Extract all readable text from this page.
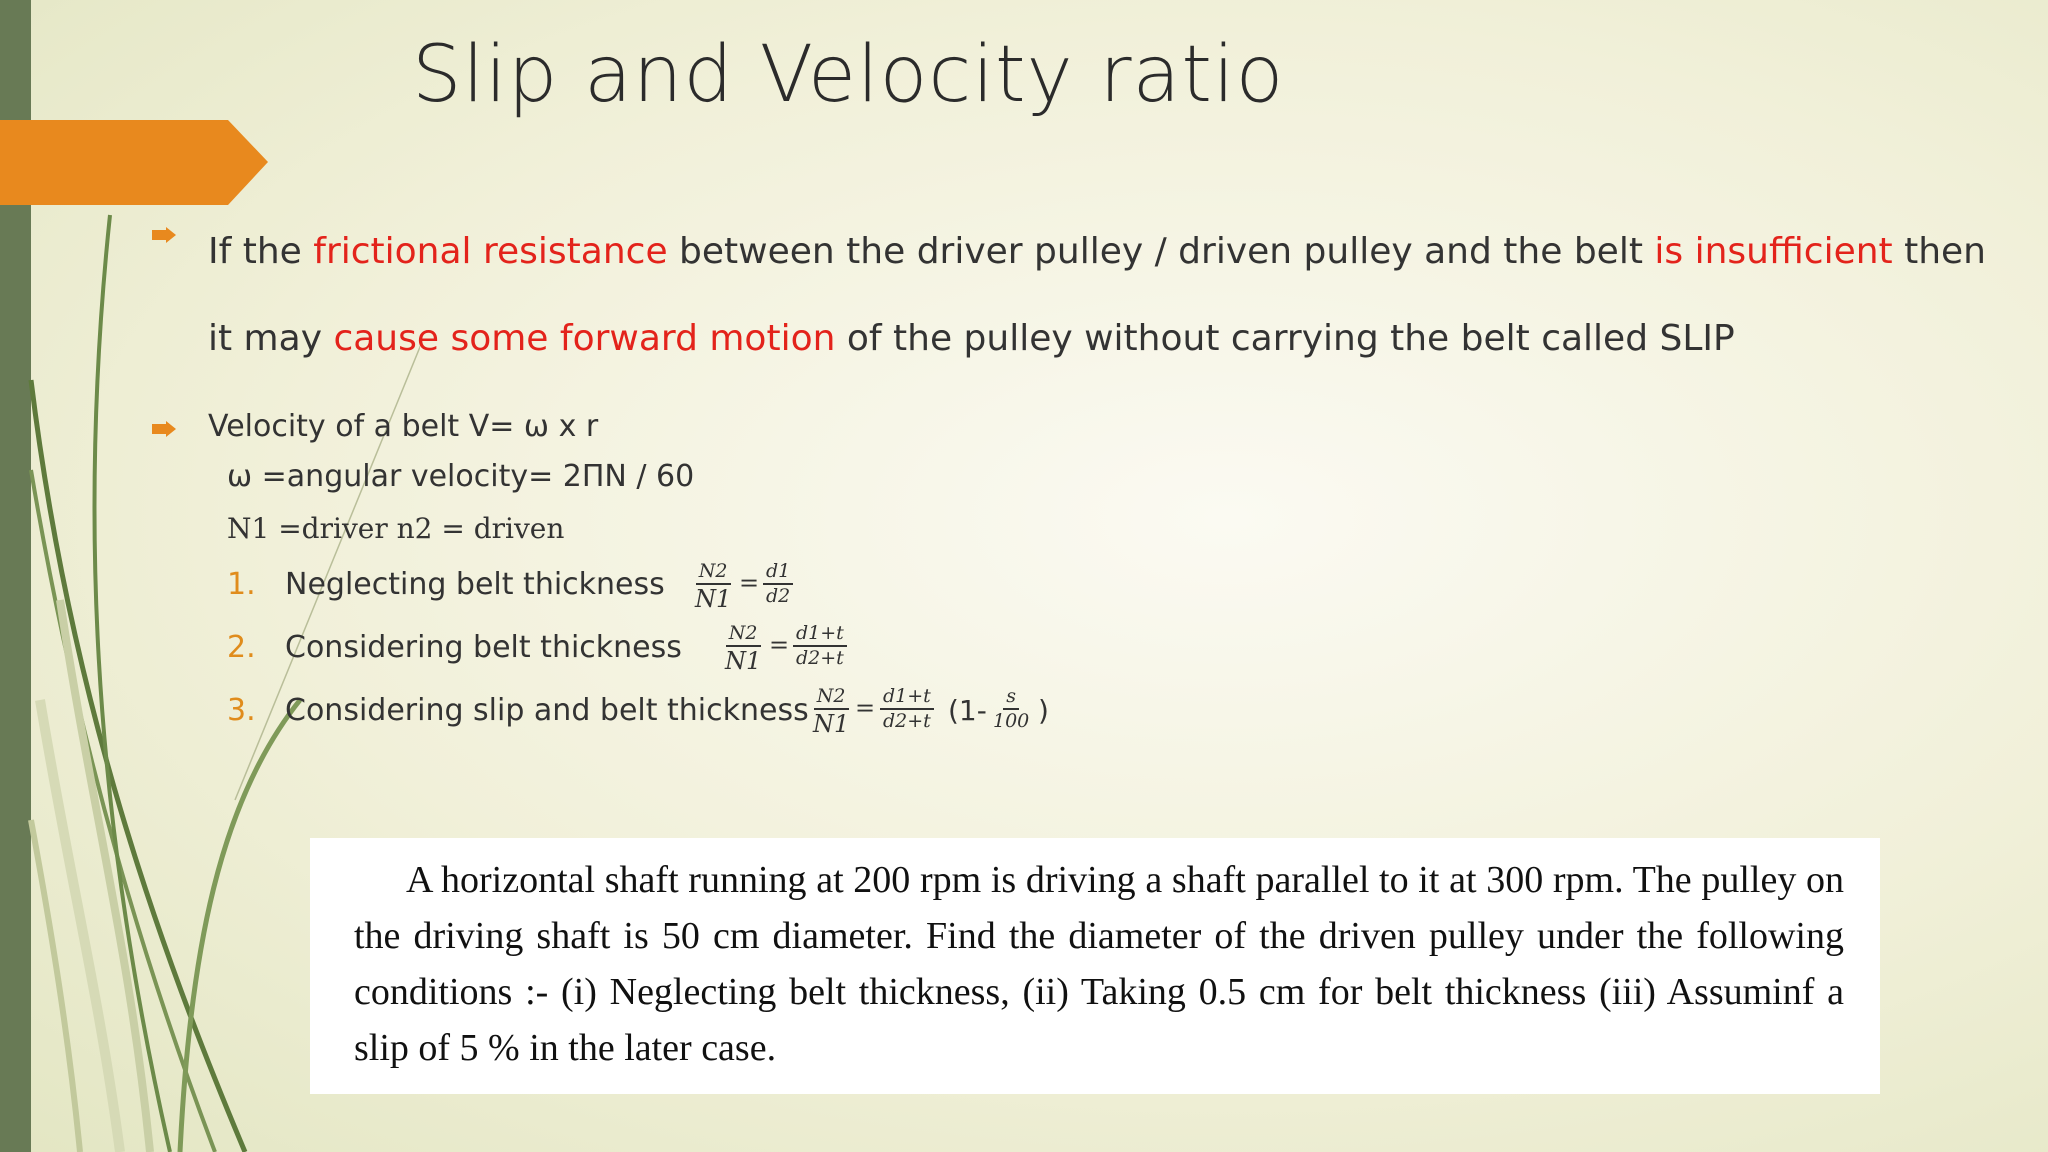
Slip and Velocity ratio
If the frictional resistance between the driver pulley / driven pulley and the belt is insufficient then it may cause some forward motion of the pulley without carrying the belt called SLIP
Velocity of a belt V= ω x r
ω =angular velocity= 2ПN / 60
N1 =driver n2 = driven
1. Neglecting belt thickness N2
N1
= $\frac{d1}{d2}$
2. Considering belt thickness N2
N1
= $\frac{d1+t}{d2+t}$
3. Considering slip and belt thickness N2
N1
= $\frac{d1+t}{d2+t} (1- \frac{s}{100}$ )
A horizontal shaft running at 200 rpm is driving a shaft parallel to it at 300 rpm. The pulley on the driving shaft is 50 cm diameter. Find the diameter of the driven pulley under the following conditions :- (i) Neglecting belt thickness, (ii) Taking 0.5 cm for belt thickness (iii) Assuminf a slip of 5 % in the later case.
